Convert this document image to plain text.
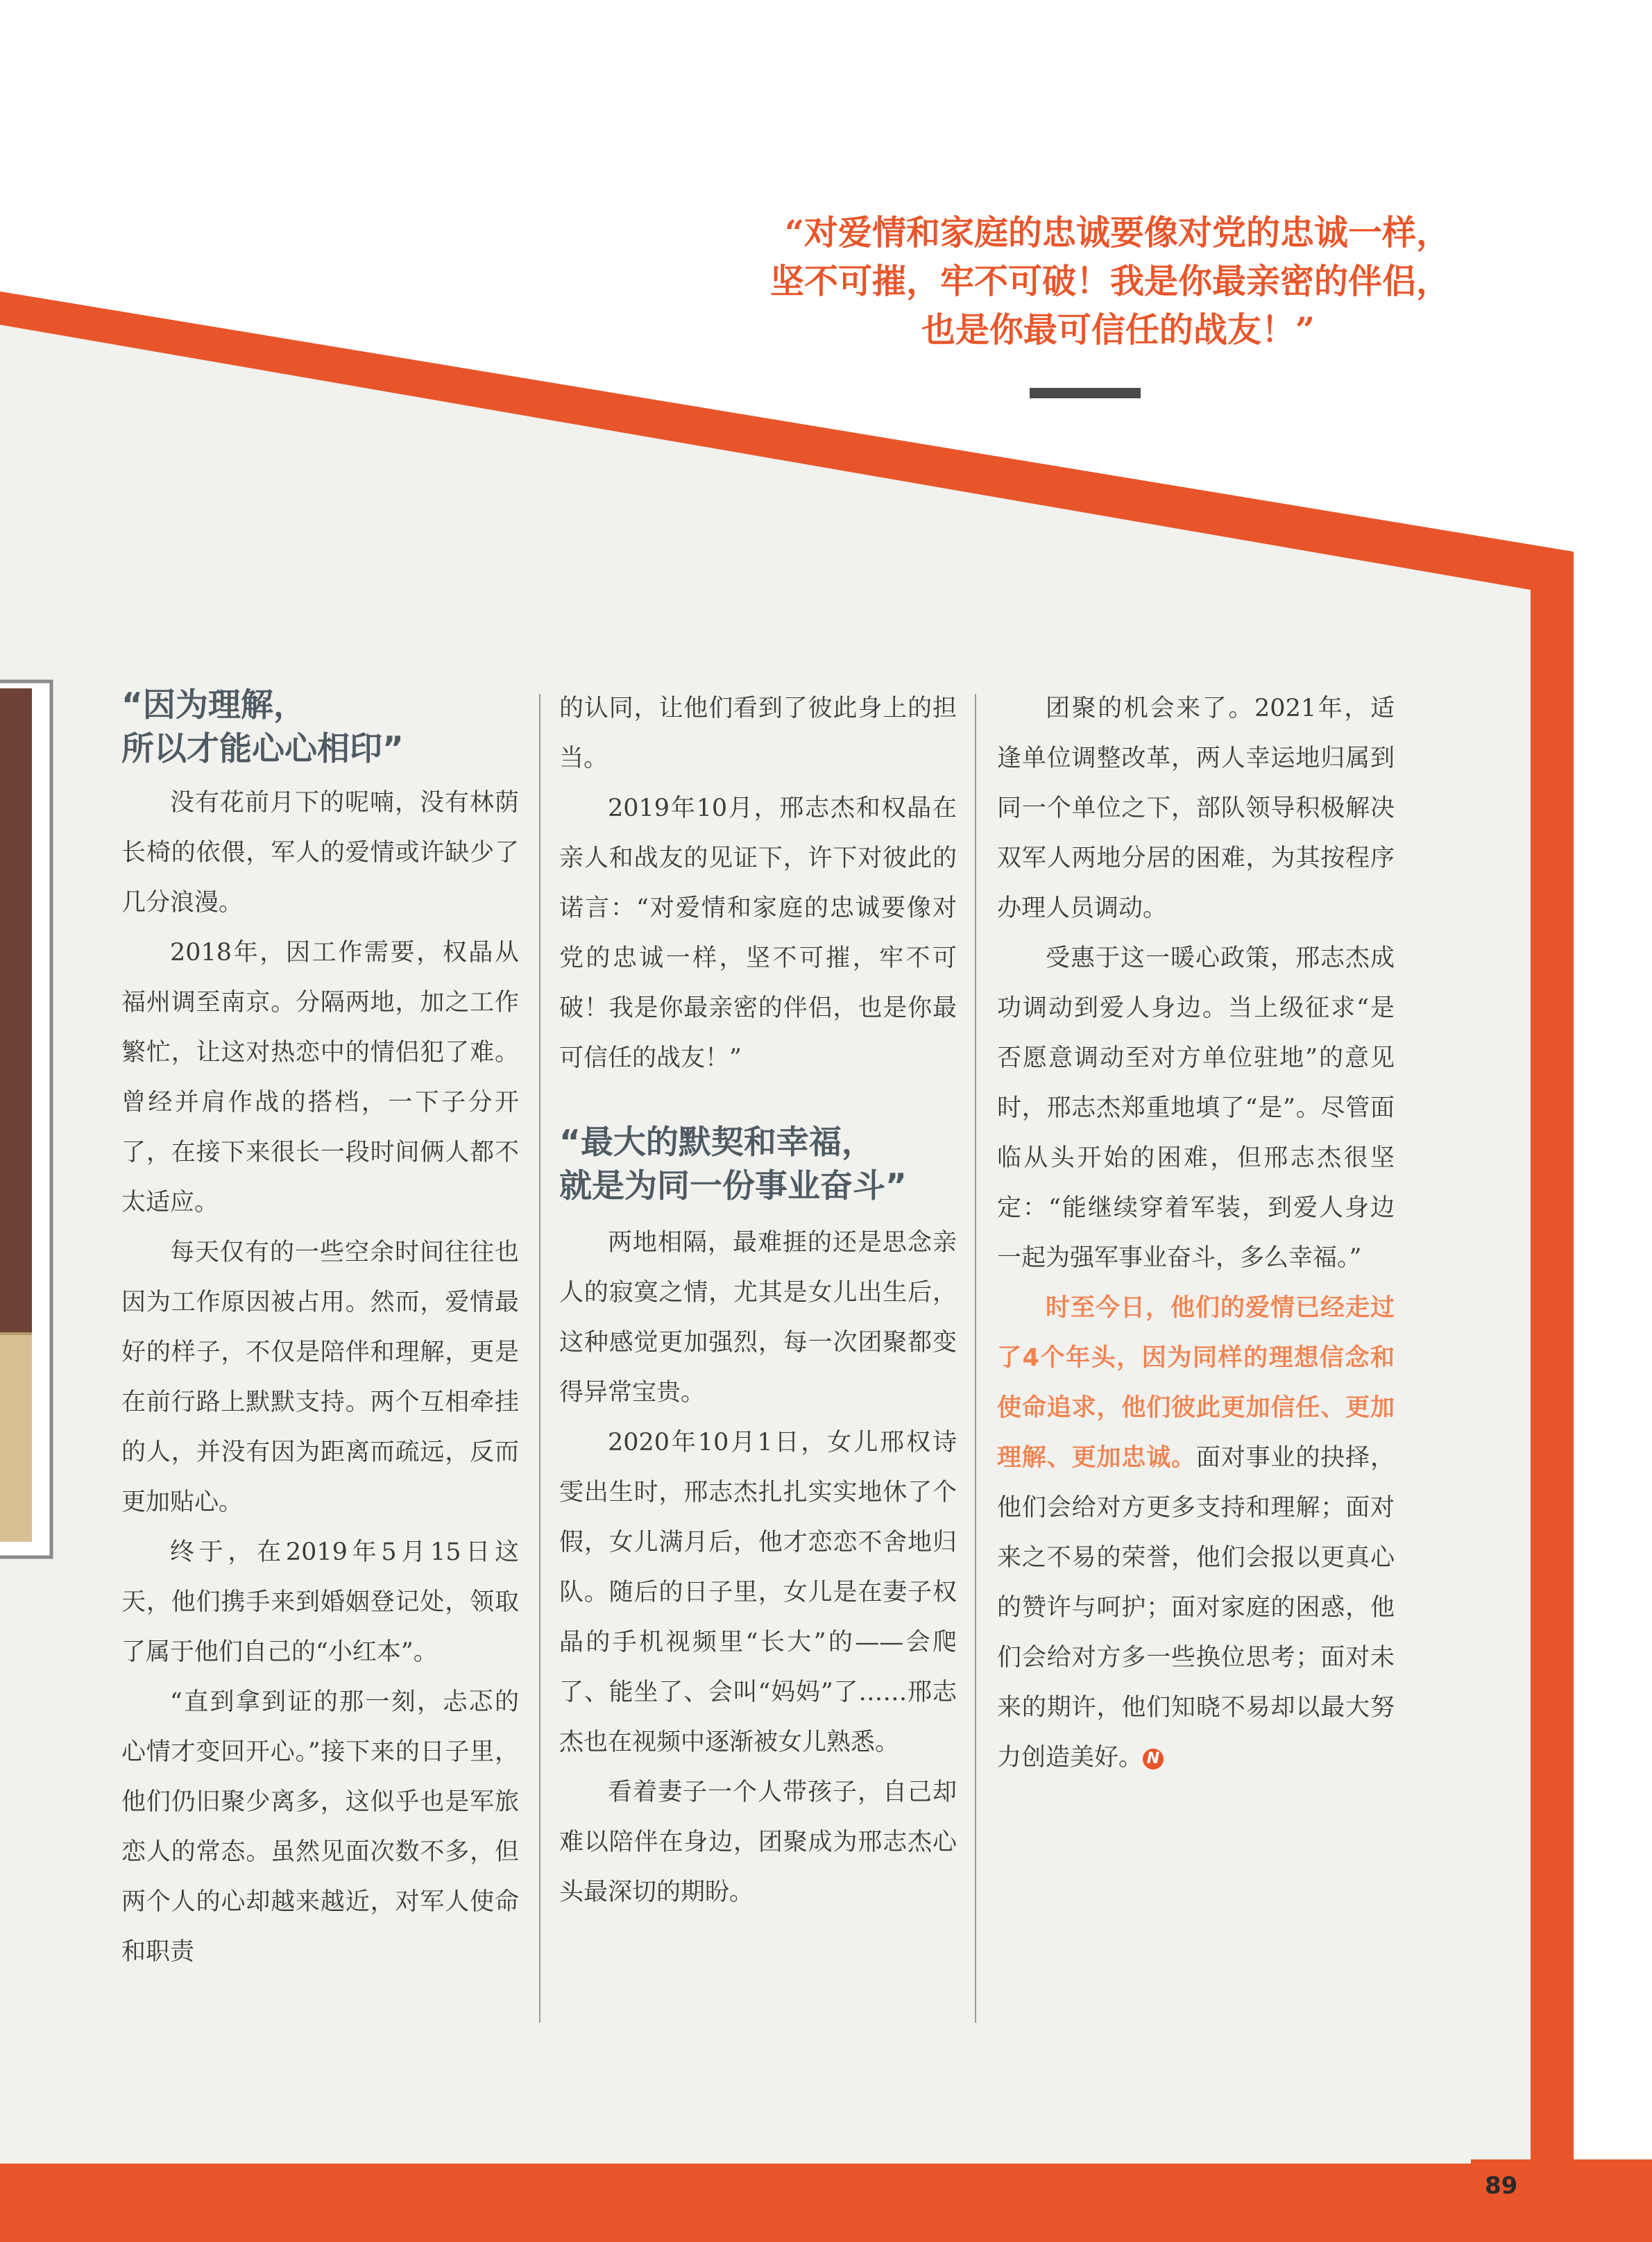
“对爱情和家庭的忠诚要像对党的忠诚一样，
坚不可摧，牢不可破！我是你最亲密的伴侣，
也是你最可信任的战友！”
“因为理解，
所以才能心心相印”

没有花前月下的呢喃，没有林荫长椅的依偎，军人的爱情或许缺少了几分浪漫。

2018年，因工作需要，权晶从福州调至南京。分隔两地，加之工作繁忙，让这对热恋中的情侣犯了难。曾经并肩作战的搭档，一下子分开了，在接下来很长一段时间俩人都不太适应。

每天仅有的一些空余时间往往也因为工作原因被占用。然而，爱情最好的样子，不仅是陪伴和理解，更是在前行路上默默支持。两个互相牵挂的人，并没有因为距离而疏远，反而更加贴心。

终于，在2019年5月15日这天，他们携手来到婚姻登记处，领取了属于他们自己的“小红本”。

“直到拿到证的那一刻，忐忑的心情才变回开心。”接下来的日子里，他们仍旧聚少离多，这似乎也是军旅恋人的常态。虽然见面次数不多，但两个人的心却越来越近，对军人使命和职责

的认同，让他们看到了彼此身上的担当。

2019年10月，邢志杰和权晶在亲人和战友的见证下，许下对彼此的诺言：“对爱情和家庭的忠诚要像对党的忠诚一样，坚不可摧，牢不可破！我是你最亲密的伴侣，也是你最可信任的战友！”

“最大的默契和幸福，
就是为同一份事业奋斗”

两地相隔，最难捱的还是思念亲人的寂寞之情，尤其是女儿出生后，这种感觉更加强烈，每一次团聚都变得异常宝贵。

2020年10月1日，女儿邢权诗雯出生时，邢志杰扎扎实实地休了个假，女儿满月后，他才恋恋不舍地归队。随后的日子里，女儿是在妻子权晶的手机视频里“长大”的——会爬了、能坐了、会叫“妈妈”了……邢志杰也在视频中逐渐被女儿熟悉。

看着妻子一个人带孩子，自己却难以陪伴在身边，团聚成为邢志杰心头最深切的期盼。

团聚的机会来了。2021年，适逢单位调整改革，两人幸运地归属到同一个单位之下，部队领导积极解决双军人两地分居的困难，为其按程序办理人员调动。

受惠于这一暖心政策，邢志杰成功调动到爱人身边。当上级征求“是否愿意调动至对方单位驻地”的意见时，邢志杰郑重地填了“是”。尽管面临从头开始的困难，但邢志杰很坚定：“能继续穿着军装，到爱人身边一起为强军事业奋斗，多么幸福。”

时至今日，他们的爱情已经走过了4个年头，因为同样的理想信念和使命追求，他们彼此更加信任、更加理解、更加忠诚。面对事业的抉择，他们会给对方更多支持和理解；面对来之不易的荣誉，他们会报以更真心的赞许与呵护；面对家庭的困惑，他们会给对方多一些换位思考；面对未来的期许，他们知晓不易却以最大努力创造美好。 N

89
